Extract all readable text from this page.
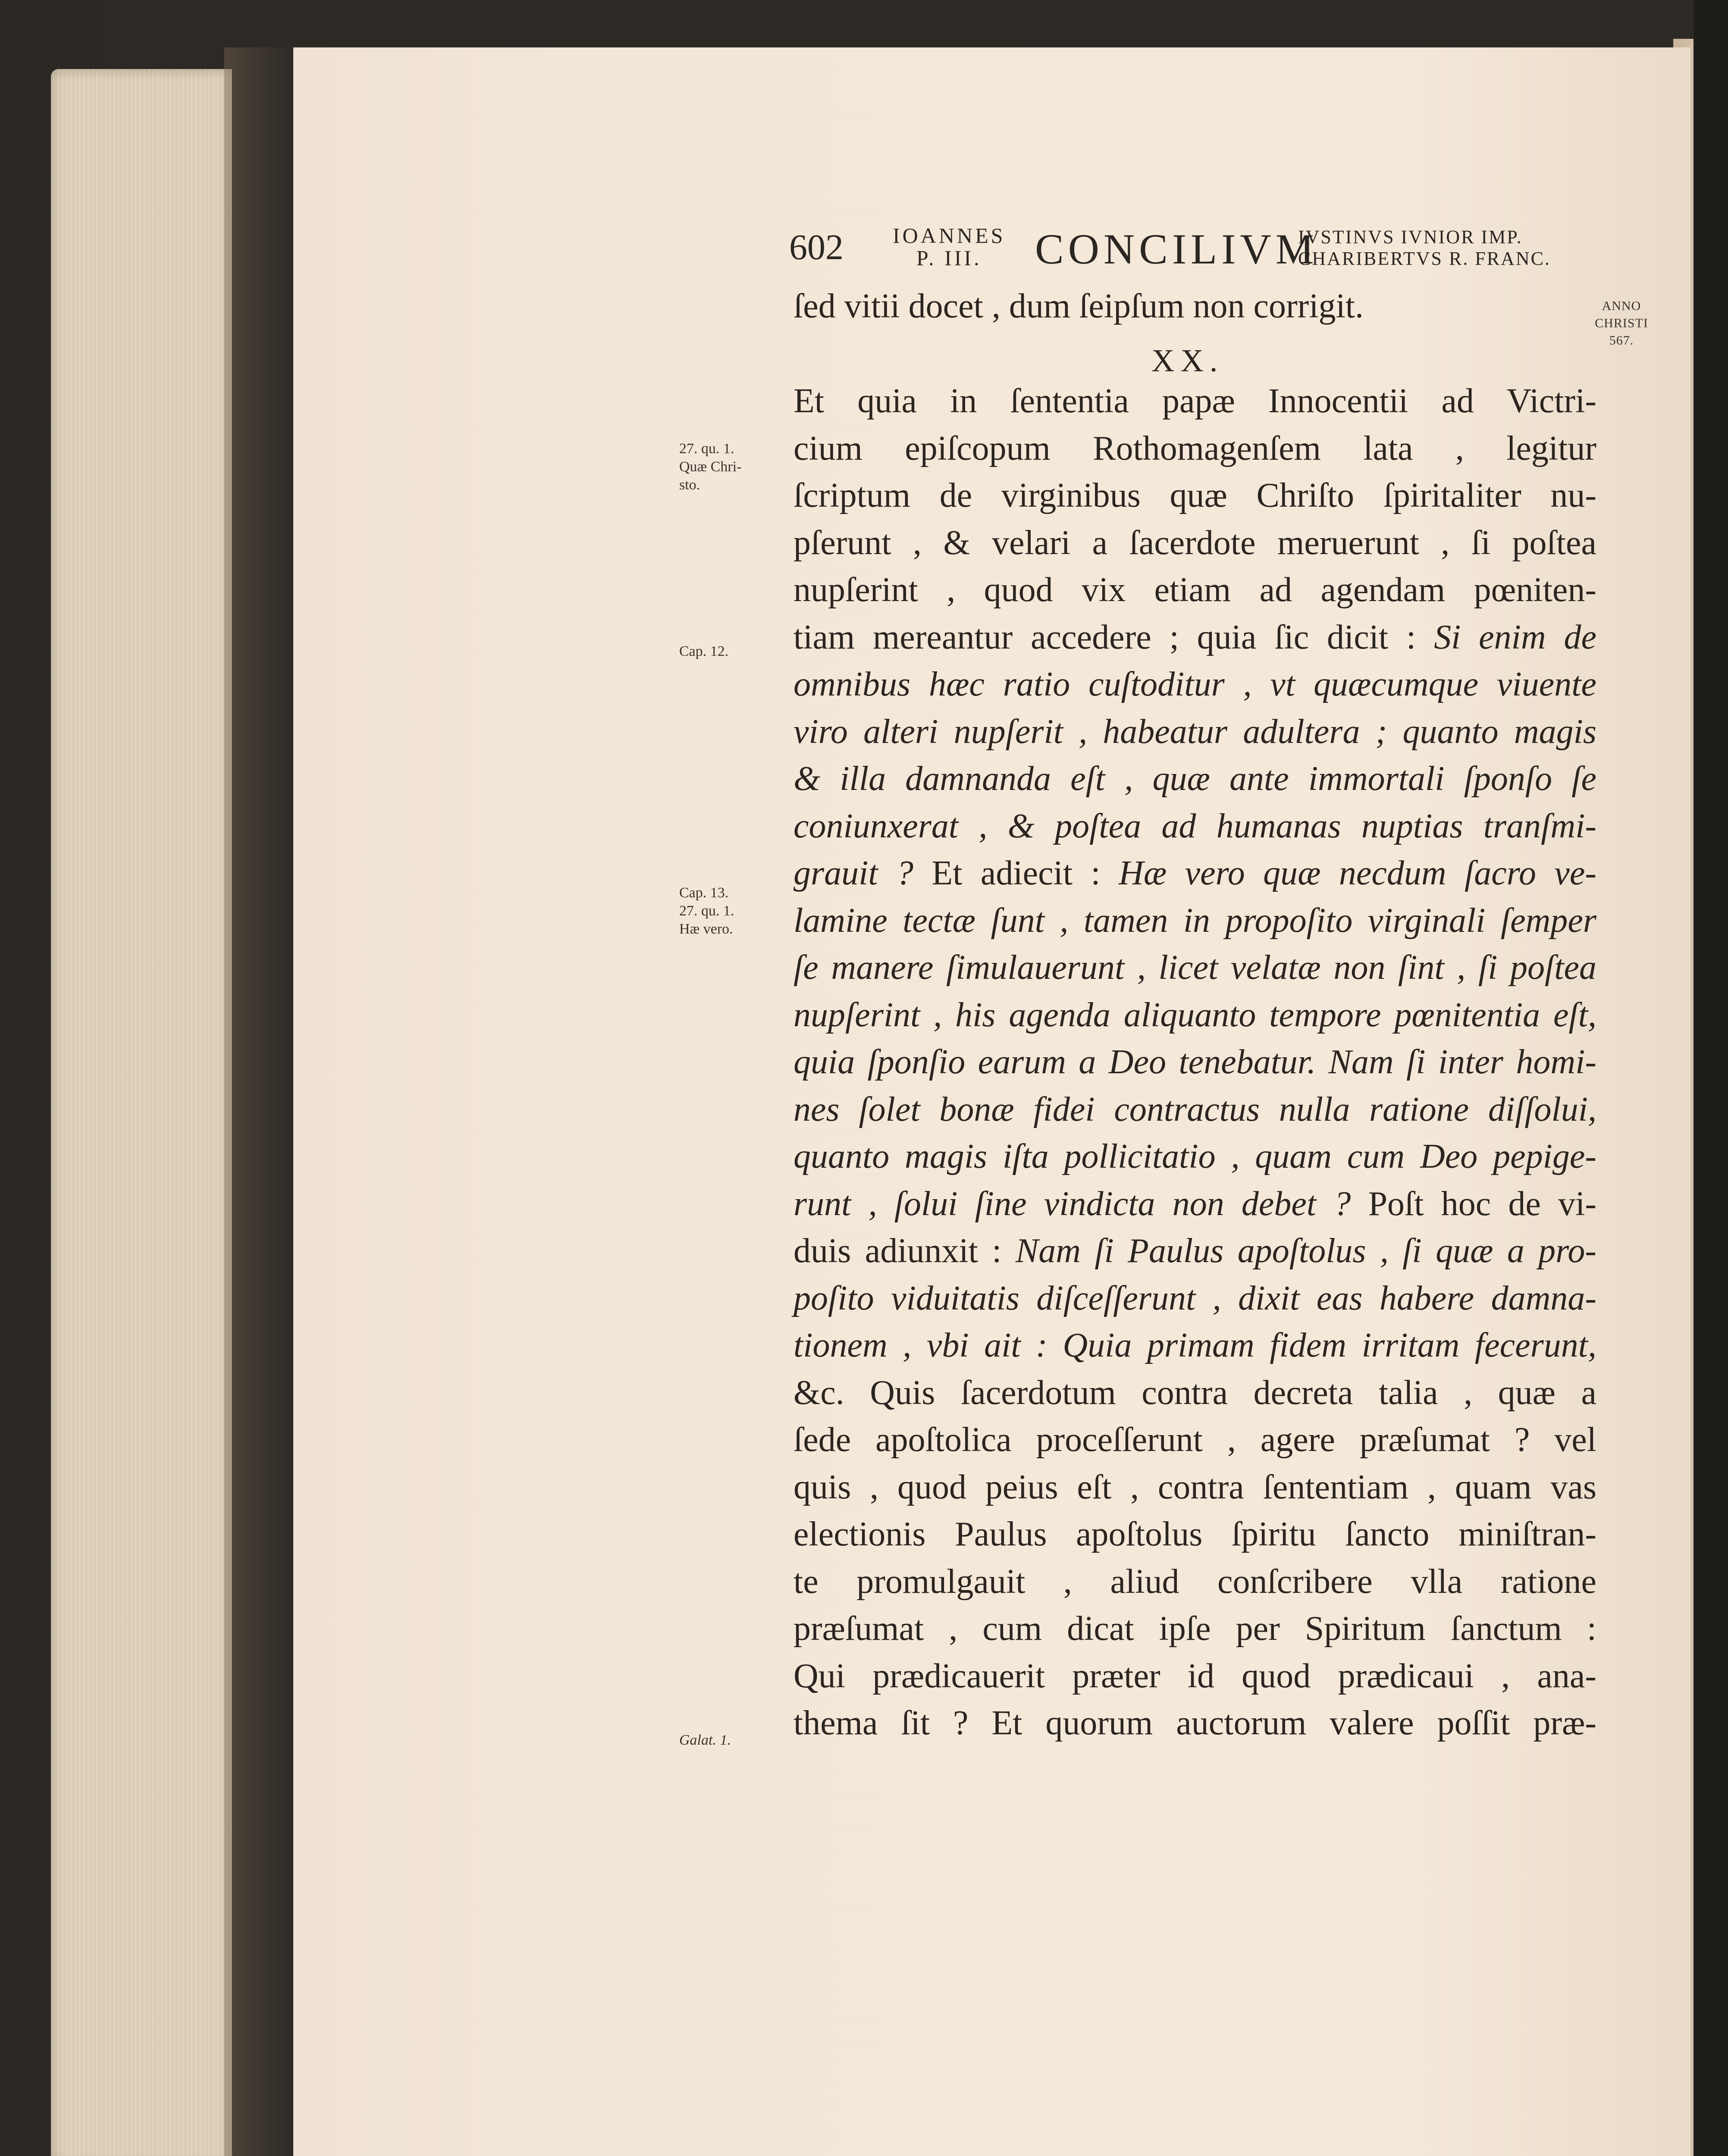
602 IOANNES
P. III.	CONCILIVM
IVSTINVS IVNIOR IMP.
CHARIBERTVS R. FRANC.
ANNO
CHRISTI
567.
XX.
27. qu. 1.
Quæ Chri-
sto.
Cap. 12.
Cap. 13.
27. qu. 1.
Hæ vero.
Galat. 1.

ſed vitii docet , dum ſeipſum non corrigit.

Et quia in ſententia papæ Innocentii ad Victri-

cium epiſcopum Rothomagenſem lata , legitur

ſcriptum de virginibus quæ Chriſto ſpiritaliter nu-

pſerunt , & velari a ſacerdote meruerunt , ſi poſtea

nupſerint , quod vix etiam ad agendam pœniten-

tiam mereantur accedere ; quia ſic dicit : Si enim de

omnibus hæc ratio cuſtoditur , vt quæcumque viuente

viro alteri nupſerit , habeatur adultera ; quanto magis

& illa damnanda eſt , quæ ante immortali ſponſo ſe

coniunxerat , & poſtea ad humanas nuptias tranſmi-

grauit ? Et adiecit : Hæ vero quæ necdum ſacro ve-

lamine tectæ ſunt , tamen in propoſito virginali ſemper

ſe manere ſimulauerunt , licet velatæ non ſint , ſi poſtea

nupſerint , his agenda aliquanto tempore pœnitentia eſt,

quia ſponſio earum a Deo tenebatur. Nam ſi inter homi-

nes ſolet bonæ fidei contractus nulla ratione diſſolui,

quanto magis iſta pollicitatio , quam cum Deo pepige-

runt , ſolui ſine vindicta non debet ? Poſt hoc de vi-

duis adiunxit : Nam ſi Paulus apoſtolus , ſi quæ a pro-

poſito viduitatis diſceſſerunt , dixit eas habere damna-

tionem , vbi ait : Quia primam fidem irritam fecerunt,

&c. Quis ſacerdotum contra decreta talia , quæ a

ſede apoſtolica proceſſerunt , agere præſumat ? vel

quis , quod peius eſt , contra ſententiam , quam vas

electionis Paulus apoſtolus ſpiritu ſancto miniſtran-

te promulgauit , aliud conſcribere vlla ratione

præſumat , cum dicat ipſe per Spiritum ſanctum :

Qui prædicauerit præter id quod prædicaui , ana-

thema ſit ? Et quorum auctorum valere poſſit præ-
